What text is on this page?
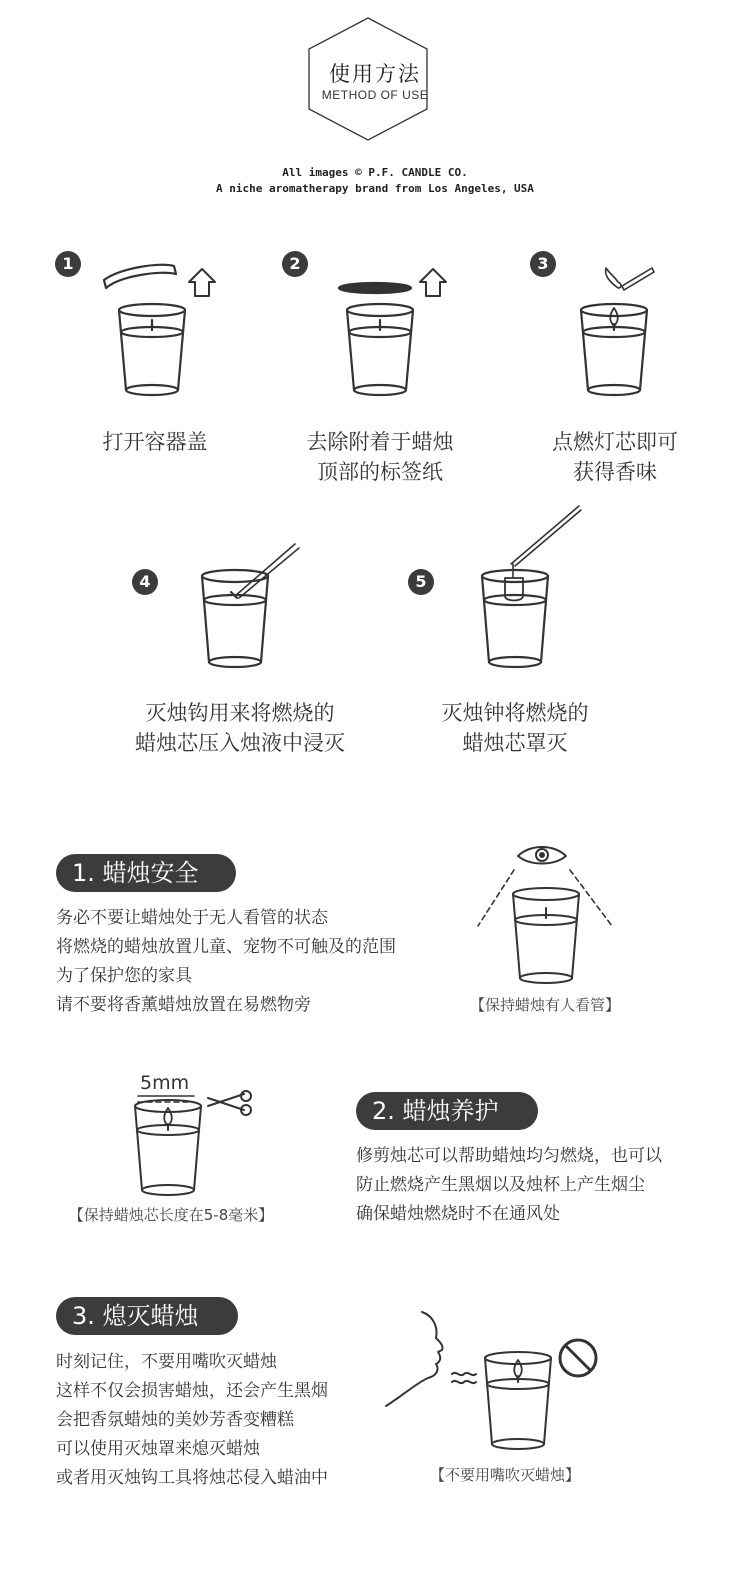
使用方法
METHOD OF USE
All images © P.F. CANDLE CO.
A niche aromatherapy brand from Los Angeles, USA
1
打开容器盖
2
去除附着于蜡烛
顶部的标签纸
3
点燃灯芯即可
获得香味
4
灭烛钩用来将燃烧的
蜡烛芯压入烛液中浸灭
5
灭烛钟将燃烧的
蜡烛芯罩灭
1. 蜡烛安全
务必不要让蜡烛处于无人看管的状态
将燃烧的蜡烛放置儿童、宠物不可触及的范围
为了保护您的家具
请不要将香薰蜡烛放置在易燃物旁	【保持蜡烛有人看管】
5mm
【保持蜡烛芯长度在5-8毫米】
2. 蜡烛养护
修剪烛芯可以帮助蜡烛均匀燃烧，也可以
防止燃烧产生黑烟以及烛杯上产生烟尘
确保蜡烛燃烧时不在通风处
3. 熄灭蜡烛
时刻记住，不要用嘴吹灭蜡烛
这样不仅会损害蜡烛，还会产生黑烟
会把香氛蜡烛的美妙芳香变糟糕
可以使用灭烛罩来熄灭蜡烛
或者用灭烛钩工具将烛芯侵入蜡油中	【不要用嘴吹灭蜡烛】
